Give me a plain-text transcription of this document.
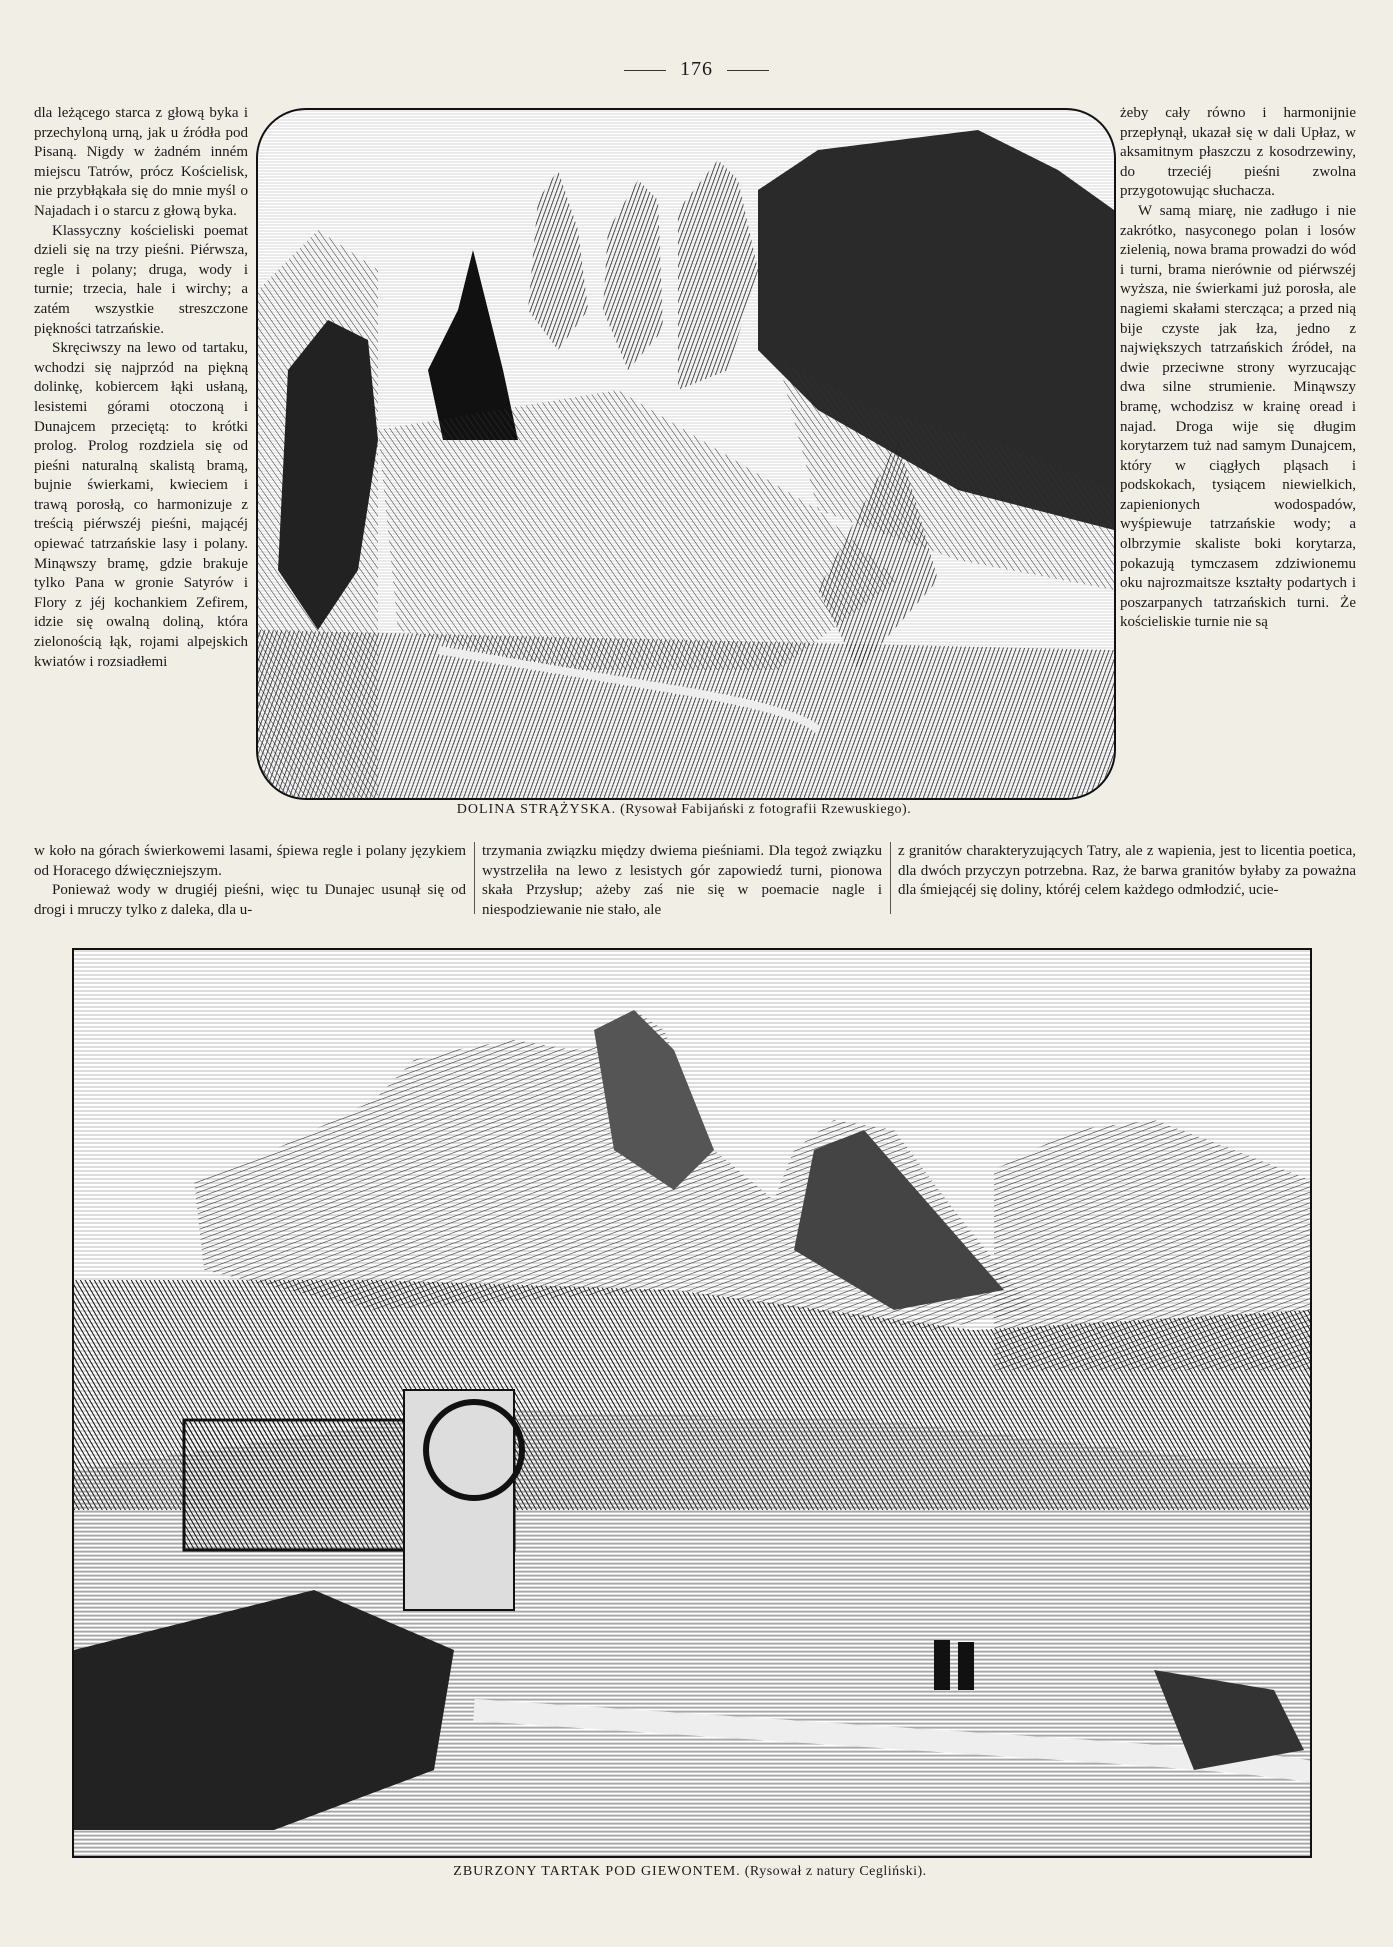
176

dla leżącego starca z głową byka i przechyloną urną, jak u źródła pod Pisaną. Nigdy w żadném inném miejscu Tatrów, prócz Kościelisk, nie przybłąkała się do mnie myśl o Najadach i o starcu z głową byka.

Klassyczny kościeliski poemat dzieli się na trzy pieśni. Piérwsza, regle i polany; druga, wody i turnie; trzecia, hale i wirchy; a zatém wszystkie streszczone piękności tatrzańskie.

Skręciwszy na lewo od tartaku, wchodzi się najprzód na piękną dolinkę, kobiercem łąki usłaną, lesistemi górami otoczoną i Dunajcem przeciętą: to krótki prolog. Prolog rozdziela się od pieśni naturalną skalistą bramą, bujnie świerkami, kwieciem i trawą porosłą, co harmonizuje z treścią piérwszéj pieśni, mającéj opiewać tatrzańskie lasy i polany. Minąwszy bramę, gdzie brakuje tylko Pana w gronie Satyrów i Flory z jéj kochankiem Zefirem, idzie się owalną doliną, która zielonością łąk, rojami alpejskich kwiatów i rozsiadłemi

DOLINA STRĄŻYSKA. (Rysował Fabijański z fotografii Rzewuskiego).

żeby cały równo i harmonijnie przepłynął, ukazał się w dali Upłaz, w aksamitnym płaszczu z kosodrzewiny, do trzeciéj pieśni zwolna przygotowując słuchacza.

W samą miarę, nie zadługo i nie zakrótko, nasyconego polan i losów zielenią, nowa brama prowadzi do wód i turni, brama nierównie od piérwszéj wyższa, nie świerkami już porosła, ale nagiemi skałami stercząca; a przed nią bije czyste jak łza, jedno z największych tatrzańskich źródeł, na dwie przeciwne strony wyrzucając dwa silne strumienie. Minąwszy bramę, wchodzisz w krainę oread i najad. Droga wije się długim korytarzem tuż nad samym Dunajcem, który w ciągłych pląsach i podskokach, tysiącem niewielkich, zapienionych wodospadów, wyśpiewuje tatrzańskie wody; a olbrzymie skaliste boki korytarza, pokazują tymczasem zdziwionemu oku najrozmaitsze kształty podartych i poszarpanych tatrzańskich turni. Że kościeliskie turnie nie są

w koło na górach świerkowemi lasami, śpiewa regle i polany językiem od Horacego dźwięczniejszym.

Ponieważ wody w drugiéj pieśni, więc tu Dunajec usunął się od drogi i mruczy tylko z daleka, dla u-

trzymania związku między dwiema pieśniami. Dla tegoż związku wystrzeliła na lewo z lesistych gór zapowiedź turni, pionowa skała Przysłup; ażeby zaś nie się w poemacie nagle i niespodziewanie nie stało, ale

z granitów charakteryzujących Tatry, ale z wapienia, jest to licentia poetica, dla dwóch przyczyn potrzebna. Raz, że barwa granitów byłaby za poważna dla śmiejącéj się doliny, któréj celem każdego odmłodzić, ucie-

ZBURZONY TARTAK POD GIEWONTEM. (Rysował z natury Cegliński).
